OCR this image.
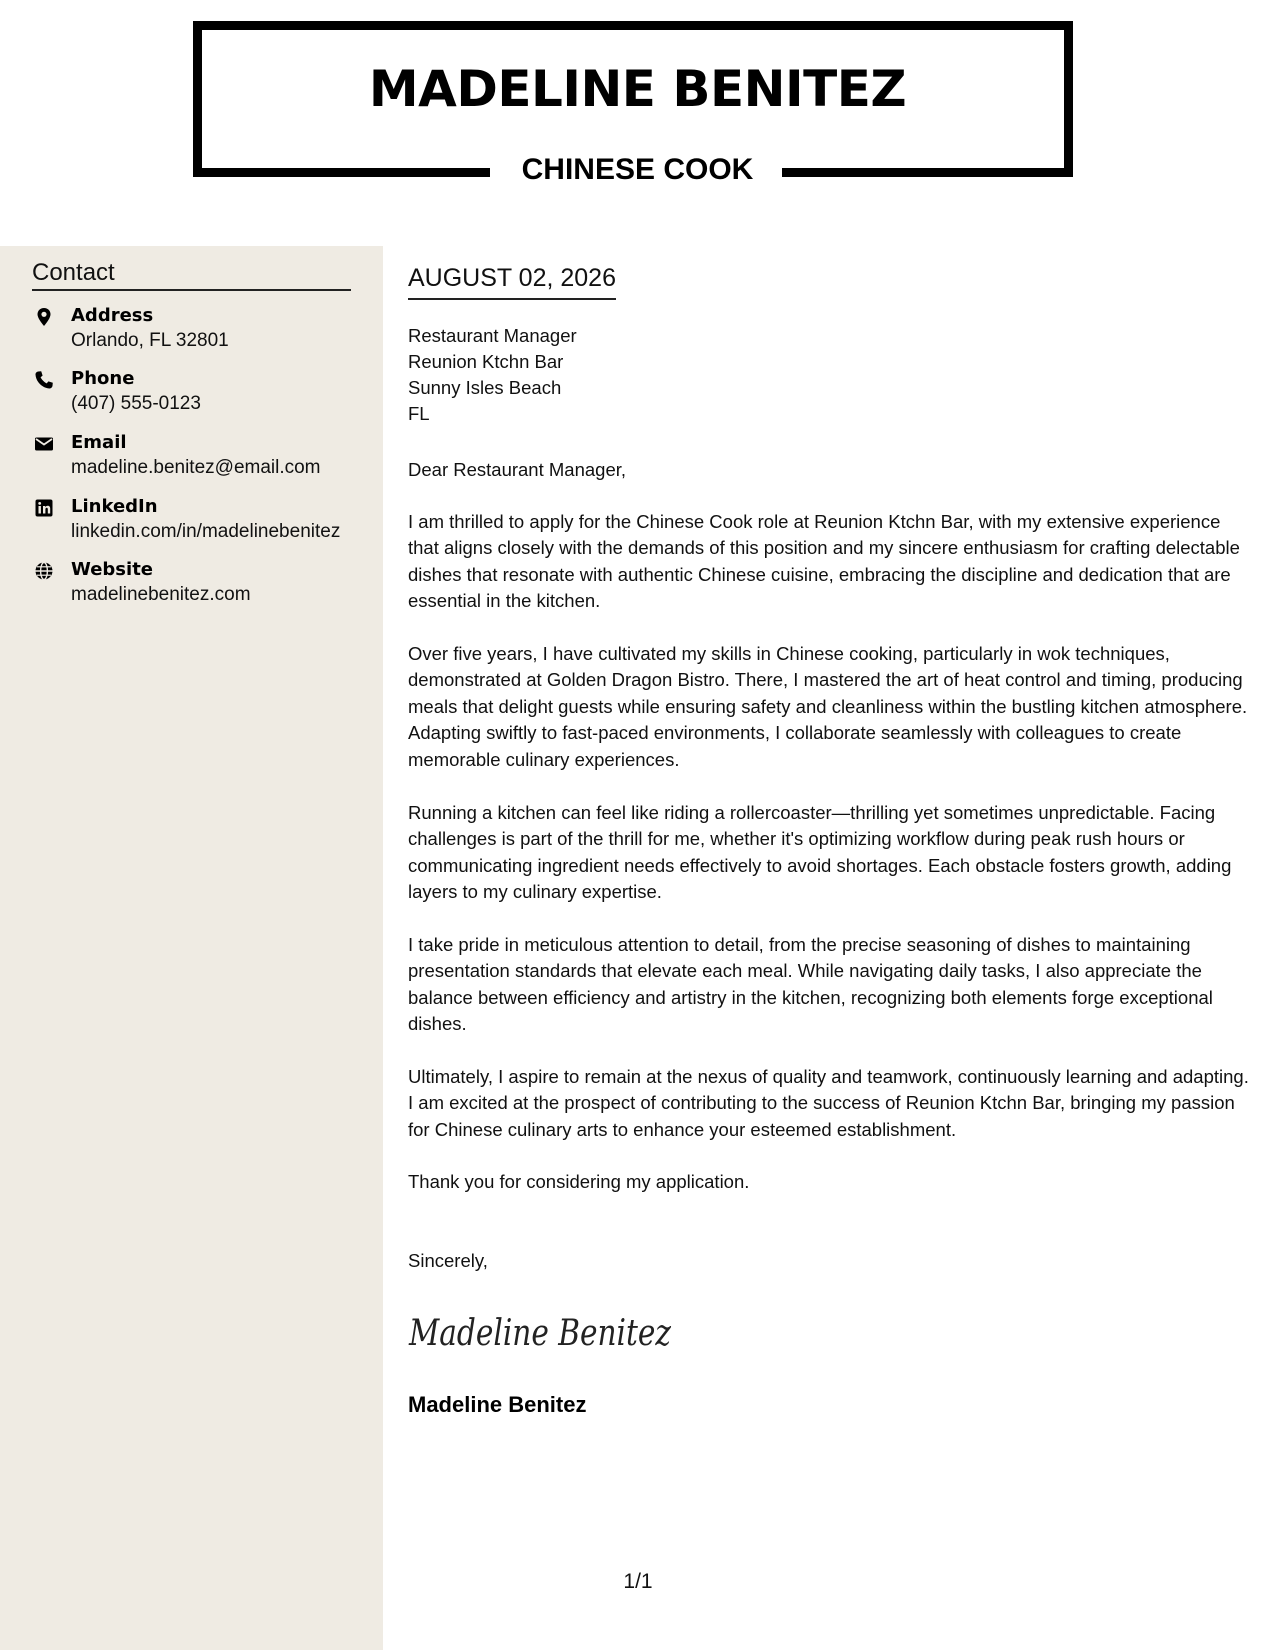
MADELINE BENITEZ
CHINESE COOK
Contact
Address
Orlando, FL 32801
Phone
(407) 555-0123
Email
madeline.benitez@email.com
LinkedIn
linkedin.com/in/madelinebenitez
Website
madelinebenitez.com
AUGUST 02, 2026
Restaurant Manager
Reunion Ktchn Bar
Sunny Isles Beach
FL

Dear Restaurant Manager,

I am thrilled to apply for the Chinese Cook role at Reunion Ktchn Bar, with my extensive experience that aligns closely with the demands of this position and my sincere enthusiasm for crafting delectable dishes that resonate with authentic Chinese cuisine, embracing the discipline and dedication that are essential in the kitchen.

Over five years, I have cultivated my skills in Chinese cooking, particularly in wok techniques, demonstrated at Golden Dragon Bistro. There, I mastered the art of heat control and timing, producing meals that delight guests while ensuring safety and cleanliness within the bustling kitchen atmosphere. Adapting swiftly to fast-paced environments, I collaborate seamlessly with colleagues to create memorable culinary experiences.

Running a kitchen can feel like riding a rollercoaster—thrilling yet sometimes unpredictable. Facing challenges is part of the thrill for me, whether it's optimizing workflow during peak rush hours or communicating ingredient needs effectively to avoid shortages. Each obstacle fosters growth, adding layers to my culinary expertise.

I take pride in meticulous attention to detail, from the precise seasoning of dishes to maintaining presentation standards that elevate each meal. While navigating daily tasks, I also appreciate the balance between efficiency and artistry in the kitchen, recognizing both elements forge exceptional dishes.

Ultimately, I aspire to remain at the nexus of quality and teamwork, continuously learning and adapting. I am excited at the prospect of contributing to the success of Reunion Ktchn Bar, bringing my passion for Chinese culinary arts to enhance your esteemed establishment.

Thank you for considering my application.

Sincerely,

Madeline Benitez
Madeline Benitez
1/1
